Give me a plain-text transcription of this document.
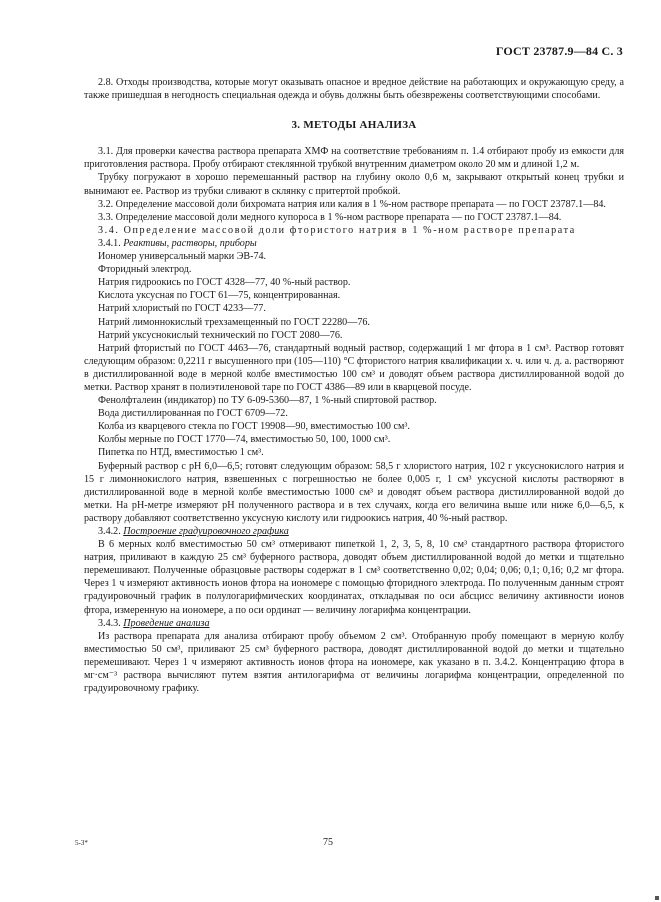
ГОСТ 23787.9—84 С. 3

2.8. Отходы производства, которые могут оказывать опасное и вредное действие на работающих и окружающую среду, а также пришедшая в негодность специальная одежда и обувь должны быть обезврежены соответствующими способами.

3. МЕТОДЫ АНАЛИЗА

3.1. Для проверки качества раствора препарата ХМФ на соответствие требованиям п. 1.4 отбирают пробу из емкости для приготовления раствора. Пробу отбирают стеклянной трубкой внутренним диаметром около 20 мм и длиной 1,2 м.

Трубку погружают в хорошо перемешанный раствор на глубину около 0,6 м, закрывают открытый конец трубки и вынимают ее. Раствор из трубки сливают в склянку с притертой пробкой.

3.2. Определение массовой доли бихромата натрия или калия в 1 %-ном растворе препарата — по ГОСТ 23787.1—84.

3.3. Определение массовой доли медного купороса в 1 %-ном растворе препарата — по ГОСТ 23787.1—84.

3.4. Определение массовой доли фтористого натрия в 1 %-ном растворе препарата

3.4.1. Реактивы, растворы, приборы

Иономер универсальный марки ЭВ-74.

Фторидный электрод.

Натрия гидроокись по ГОСТ 4328—77, 40 %-ный раствор.

Кислота уксусная по ГОСТ 61—75, концентрированная.

Натрий хлористый по ГОСТ 4233—77.

Натрий лимоннокислый трехзамещенный по ГОСТ 22280—76.

Натрий уксуснокислый технический по ГОСТ 2080—76.

Натрий фтористый по ГОСТ 4463—76, стандартный водный раствор, содержащий 1 мг фтора в 1 см³. Раствор готовят следующим образом: 0,2211 г высушенного при (105—110) °С фтористого натрия квалификации х. ч. или ч. д. а. растворяют в дистиллированной воде в мерной колбе вместимостью 100 см³ и доводят объем раствора дистиллированной водой до метки. Раствор хранят в полиэтиленовой таре по ГОСТ 4386—89 или в кварцевой посуде.

Фенолфталеин (индикатор) по ТУ 6-09-5360—87, 1 %-ный спиртовой раствор.

Вода дистиллированная по ГОСТ 6709—72.

Колба из кварцевого стекла по ГОСТ 19908—90, вместимостью 100 см³.

Колбы мерные по ГОСТ 1770—74, вместимостью 50, 100, 1000 см³.

Пипетка по НТД, вместимостью 1 см³.

Буферный раствор с рН 6,0—6,5; готовят следующим образом: 58,5 г хлористого натрия, 102 г уксуснокислого натрия и 15 г лимоннокислого натрия, взвешенных с погрешностью не более 0,005 г, 1 см³ уксусной кислоты растворяют в дистиллированной воде в мерной колбе вместимостью 1000 см³ и доводят объем раствора дистиллированной водой до метки. На рН-метре измеряют рН полученного раствора и в тех случаях, когда его величина выше или ниже 6,0—6,5, к раствору добавляют соответственно уксусную кислоту или гидроокись натрия, 40 %-ный раствор.

3.4.2. Построение градуировочного графика

В 6 мерных колб вместимостью 50 см³ отмеривают пипеткой 1, 2, 3, 5, 8, 10 см³ стандартного раствора фтористого натрия, приливают в каждую 25 см³ буферного раствора, доводят объем дистиллированной водой до метки и тщательно перемешивают. Полученные образцовые растворы содержат в 1 см³ соответственно 0,02; 0,04; 0,06; 0,1; 0,16; 0,2 мг фтора. Через 1 ч измеряют активность ионов фтора на иономере с помощью фторидного электрода. По полученным данным строят градуировочный график в полулогарифмических координатах, откладывая по оси абсцисс величину активности ионов фтора, измеренную на иономере, а по оси ординат — величину логарифма концентрации.

3.4.3. Проведение анализа

Из раствора препарата для анализа отбирают пробу объемом 2 см³. Отобранную пробу помещают в мерную колбу вместимостью 50 см³, приливают 25 см³ буферного раствора, доводят дистиллированной водой до метки и тщательно перемешивают. Через 1 ч измеряют активность ионов фтора на иономере, как указано в п. 3.4.2. Концентрацию фтора в мг·см⁻³ раствора вычисляют путем взятия антилогарифма от величины логарифма концентрации, определенной по градуировочному графику.

5-3*	75
